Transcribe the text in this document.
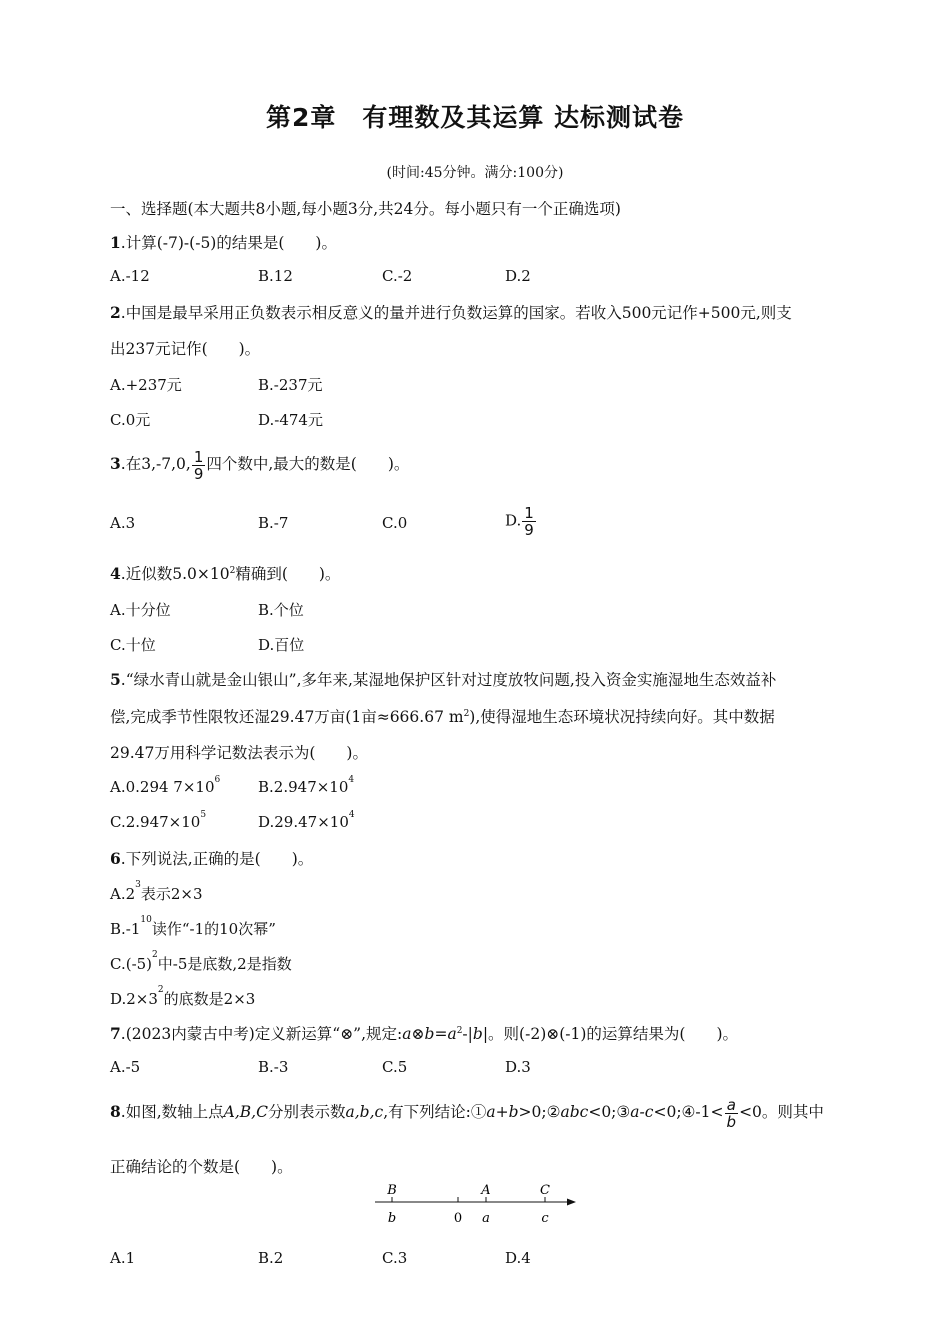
第2章　有理数及其运算 达标测试卷
(时间:45分钟。满分:100分)
一、选择题(本大题共8小题,每小题3分,共24分。每小题只有一个正确选项)
1.计算(-7)-(-5)的结果是(　　)。
A.-12	B.12	C.-2	D.2
2.中国是最早采用正负数表示相反意义的量并进行负数运算的国家。若收入500元记作+500元,则支
出237元记作(　　)。
A.+237元	B.-237元
C.0元	D.-474元
3.在3,-7,0, $\frac{1}{9}$ 四个数中,最大的数是(　　)。
A.3	B.-7	C.0	D. $\frac{1}{9}$
4.近似数$5.0\times 10^2$精确到(　　)。
A.十分位	B.个位
C.十位	D.百位
5.“绿水青山就是金山银山”,多年来,某湿地保护区针对过度放牧问题,投入资金实施湿地生态效益补
偿,完成季节性限牧还湿29.47万亩(1亩≈666.67 $m^2$),使得湿地生态环境状况持续向好。其中数据
29.47万用科学记数法表示为(　　)。
A.0.294 $7\times 10^6$	$B.2.947\times 10^4$
$C.2.947\times 10^5$	$D.29.47\times 10^4$
6.下列说法,正确的是(　　)。
$A.2^3$表示2×3
$B.-1^{10}$读作“-1的10次幂”
$C.(-5)^2$中-5是底数,2是指数
$D.2\times 3^2$的底数是2×3
7.(2023内蒙古中考)定义新运算“⊗”,规定$:a\otimes b=a^2-|b|$。则(-2)⊗(-1)的运算结果为(　　)。
A.-5	B.-3	C.5	D.3
8.如图,数轴上点A,B,C分别表示数a,b,c,有下列结论:①a+b>0;②abc<0;③a-c<0;④-1< $\frac{a}{b} <0$。则其中
正确结论的个数是(　　)。
B	A	C
b	0 a	c
A.1	B.2	C.3	D.4
